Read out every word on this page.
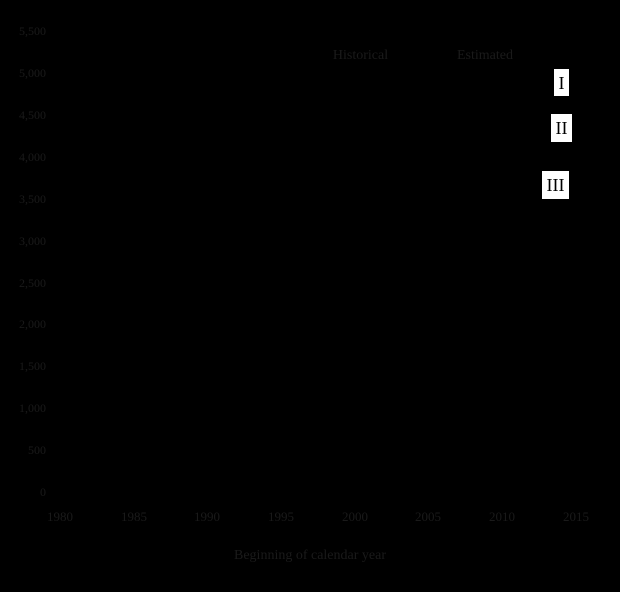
5,500
5,000
4,500
4,000
3,500
3,000
2,500
2,000
1,500
1,000
500
0
1980	1985	1990	1995	2000	2005	2010	2015
Beginning of calendar year
Historical	Estimated
I
II
III
